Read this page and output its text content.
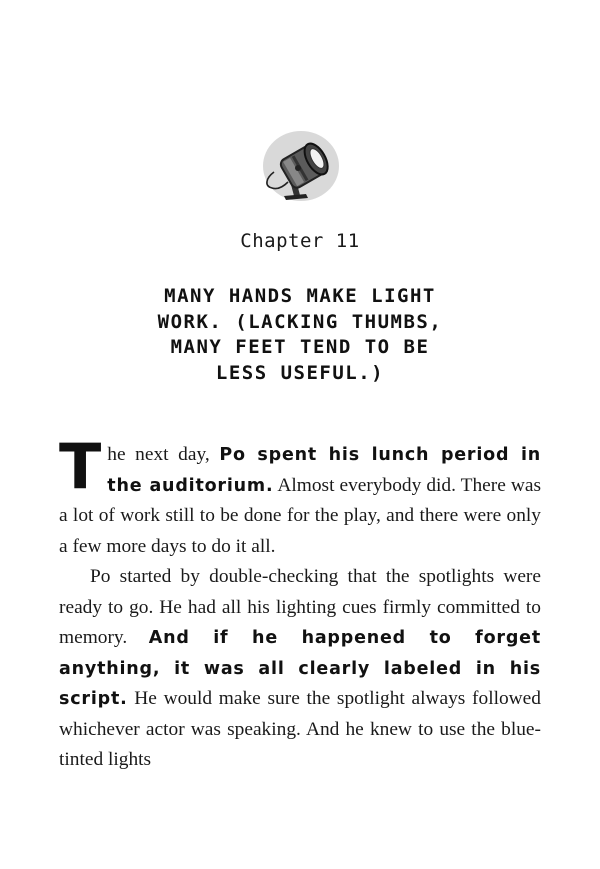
Chapter 11
MANY HANDS MAKE LIGHT
WORK. (LACKING THUMBS,
MANY FEET TEND TO BE
LESS USEFUL.)

The next day, Po spent his lunch period in the auditorium. Almost everybody did. There was a lot of work still to be done for the play, and there were only a few more days to do it all.

Po started by double-checking that the spotlights were ready to go. He had all his lighting cues firmly committed to memory. And if he happened to forget anything, it was all clearly labeled in his script. He would make sure the spotlight always followed whichever actor was speaking. And he knew to use the blue-tinted lights
